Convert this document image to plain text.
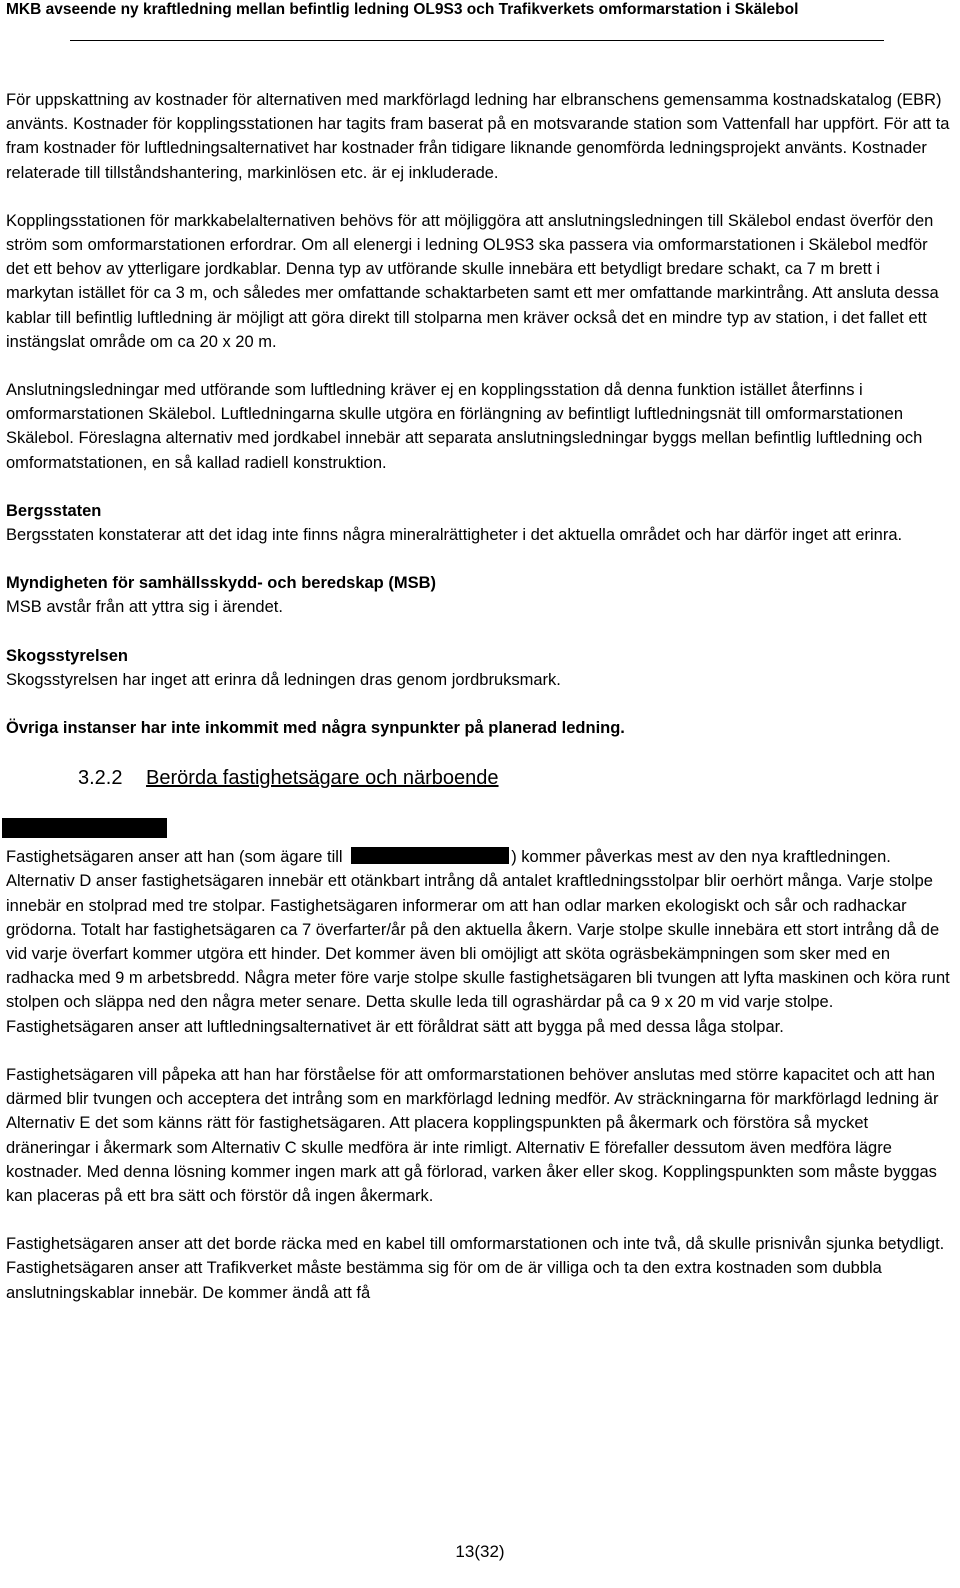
MKB avseende ny kraftledning mellan befintlig ledning OL9S3 och Trafikverkets omformarstation i Skälebol

För uppskattning av kostnader för alternativen med markförlagd ledning har elbranschens gemensamma kostnadskatalog (EBR) använts. Kostnader för kopplingsstationen har tagits fram baserat på en motsvarande station som Vattenfall har uppfört. För att ta fram kostnader för luftledningsalternativet har kostnader från tidigare liknande genomförda ledningsprojekt använts. Kostnader relaterade till tillståndshantering, markinlösen etc. är ej inkluderade.

Kopplingsstationen för markkabelalternativen behövs för att möjliggöra att anslutningsledningen till Skälebol endast överför den ström som omformarstationen erfordrar. Om all elenergi i ledning OL9S3 ska passera via omformarstationen i Skälebol medför det ett behov av ytterligare jordkablar. Denna typ av utförande skulle innebära ett betydligt bredare schakt, ca 7 m brett i markytan istället för ca 3 m, och således mer omfattande schaktarbeten samt ett mer omfattande markintrång. Att ansluta dessa kablar till befintlig luftledning är möjligt att göra direkt till stolparna men kräver också det en mindre typ av station, i det fallet ett instängslat område om ca 20 x 20 m.

Anslutningsledningar med utförande som luftledning kräver ej en kopplingsstation då denna funktion istället återfinns i omformarstationen Skälebol. Luftledningarna skulle utgöra en förlängning av befintligt luftledningsnät till omformarstationen Skälebol. Föreslagna alternativ med jordkabel innebär att separata anslutningsledningar byggs mellan befintlig luftledning och omformatstationen, en så kallad radiell konstruktion.

Bergsstaten
Bergsstaten konstaterar att det idag inte finns några mineralrättigheter i det aktuella området och har därför inget att erinra.

Myndigheten för samhällsskydd- och beredskap (MSB)
MSB avstår från att yttra sig i ärendet.

Skogsstyrelsen
Skogsstyrelsen har inget att erinra då ledningen dras genom jordbruksmark.

Övriga instanser har inte inkommit med några synpunkter på planerad ledning.

3.2.2 Berörda fastighetsägare och närboende

Fastighetsägaren anser att han (som ägare till	) kommer påverkas mest av den nya kraftledningen. Alternativ D anser fastighetsägaren innebär ett otänkbart intrång då antalet kraftledningsstolpar blir oerhört många. Varje stolpe innebär en stolprad med tre stolpar. Fastighetsägaren informerar om att han odlar marken ekologiskt och sår och radhackar grödorna. Totalt har fastighetsägaren ca 7 överfarter/år på den aktuella åkern. Varje stolpe skulle innebära ett stort intrång då de vid varje överfart kommer utgöra ett hinder. Det kommer även bli omöjligt att sköta ogräsbekämpningen som sker med en radhacka med 9 m arbetsbredd. Några meter före varje stolpe skulle fastighetsägaren bli tvungen att lyfta maskinen och köra runt stolpen och släppa ned den några meter senare. Detta skulle leda till ograshärdar på ca 9 x 20 m vid varje stolpe. Fastighetsägaren anser att luftledningsalternativet är ett föråldrat sätt att bygga på med dessa låga stolpar.

Fastighetsägaren vill påpeka att han har förståelse för att omformarstationen behöver anslutas med större kapacitet och att han därmed blir tvungen och acceptera det intrång som en markförlagd ledning medför. Av sträckningarna för markförlagd ledning är Alternativ E det som känns rätt för fastighetsägaren. Att placera kopplingspunkten på åkermark och förstöra så mycket dräneringar i åkermark som Alternativ C skulle medföra är inte rimligt. Alternativ E förefaller dessutom även medföra lägre kostnader. Med denna lösning kommer ingen mark att gå förlorad, varken åker eller skog. Kopplingspunkten som måste byggas kan placeras på ett bra sätt och förstör då ingen åkermark.

Fastighetsägaren anser att det borde räcka med en kabel till omformarstationen och inte två, då skulle prisnivån sjunka betydligt. Fastighetsägaren anser att Trafikverket måste bestämma sig för om de är villiga och ta den extra kostnaden som dubbla anslutningskablar innebär. De kommer ändå att få

13(32)
